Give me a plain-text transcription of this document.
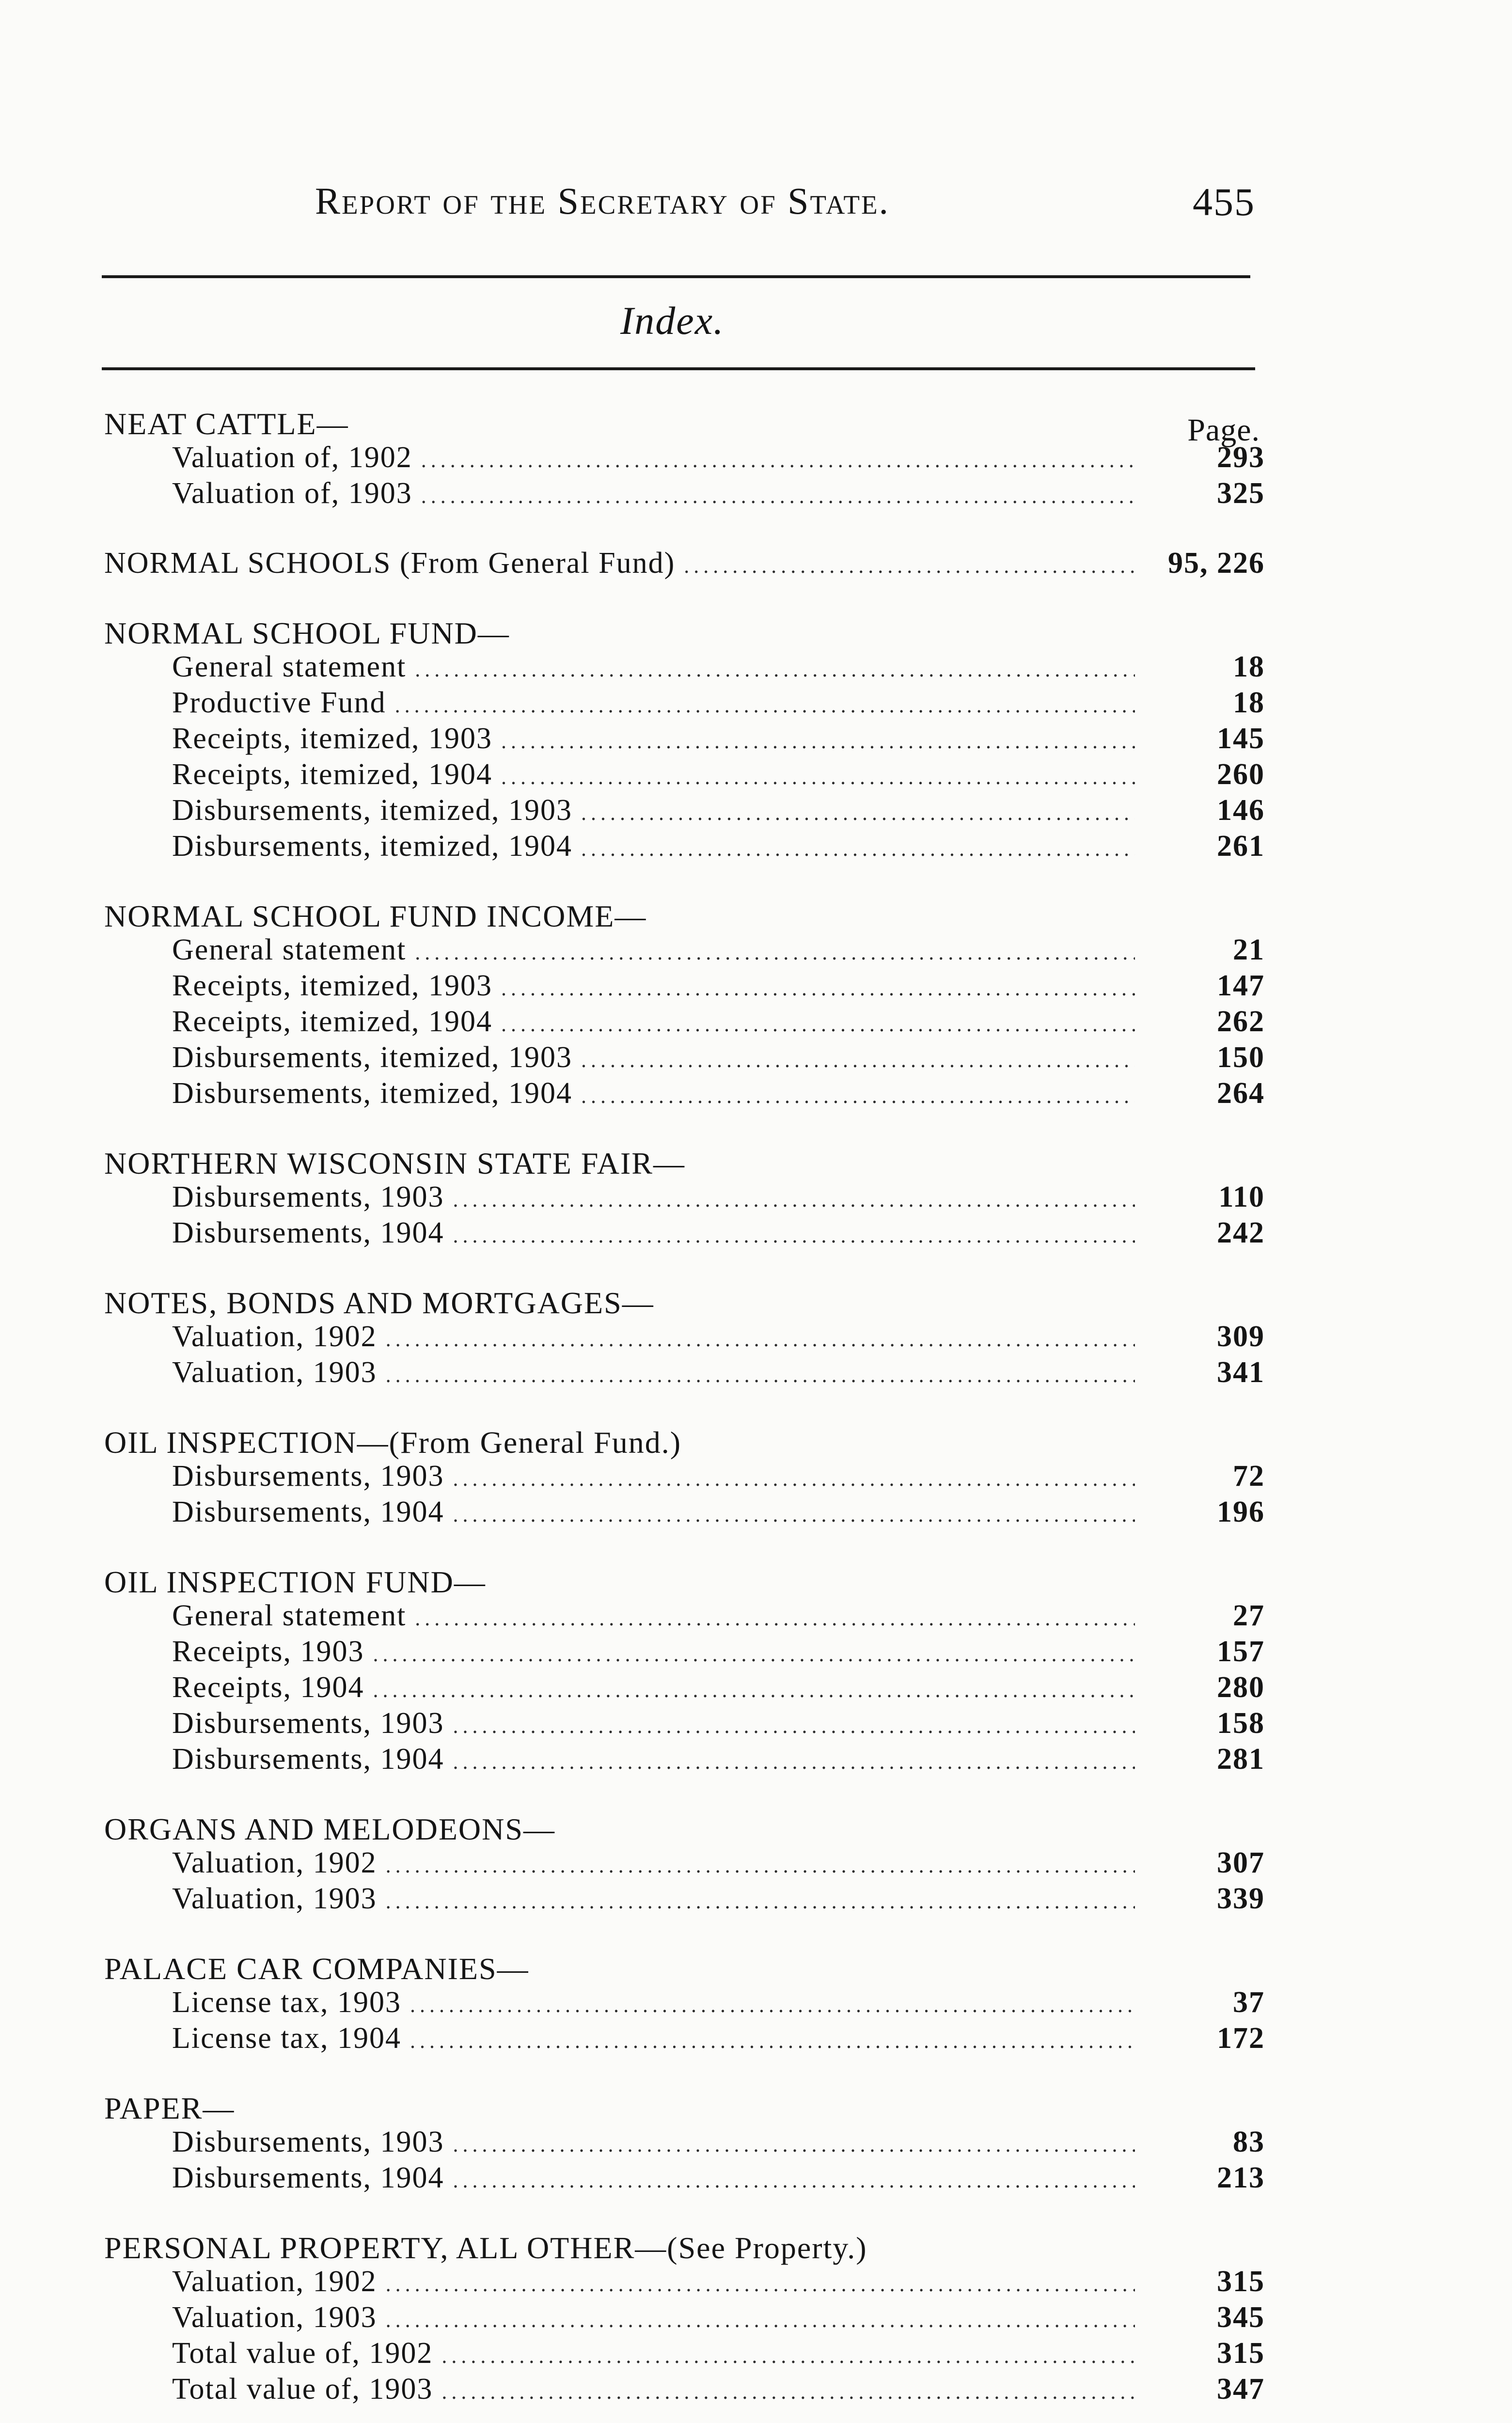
Report of the Secretary of State.	455
Index.
Page.
NEAT CATTLE—
Valuation of, 1902 .....	293
Valuation of, 1903 .....	325
NORMAL SCHOOLS (From General Fund) .....	95, 226
NORMAL SCHOOL FUND—
General statement .....	18
Productive Fund .....	18
Receipts, itemized, 1903 .....	145
Receipts, itemized, 1904 .....	260
Disbursements, itemized, 1903 .....	146
Disbursements, itemized, 1904 .....	261
NORMAL SCHOOL FUND INCOME—
General statement .....	21
Receipts, itemized, 1903 .....	147
Receipts, itemized, 1904 .....	262
Disbursements, itemized, 1903 .....	150
Disbursements, itemized, 1904 .....	264
NORTHERN WISCONSIN STATE FAIR—
Disbursements, 1903 .....	110
Disbursements, 1904 .....	242
NOTES, BONDS AND MORTGAGES—
Valuation, 1902 .....	309
Valuation, 1903 .....	341
OIL INSPECTION—(From General Fund.)
Disbursements, 1903 .....	72
Disbursements, 1904 .....	196
OIL INSPECTION FUND—
General statement .....	27
Receipts, 1903 .....	157
Receipts, 1904 .....	280
Disbursements, 1903 .....	158
Disbursements, 1904 .....	281
ORGANS AND MELODEONS—
Valuation, 1902 .....	307
Valuation, 1903 .....	339
PALACE CAR COMPANIES—
License tax, 1903 .....	37
License tax, 1904 .....	172
PAPER—
Disbursements, 1903 .....	83
Disbursements, 1904 .....	213
PERSONAL PROPERTY, ALL OTHER—(See Property.)
Valuation, 1902 .....	315
Valuation, 1903 .....	345
Total value of, 1902 .....	315
Total value of, 1903 .....	347
